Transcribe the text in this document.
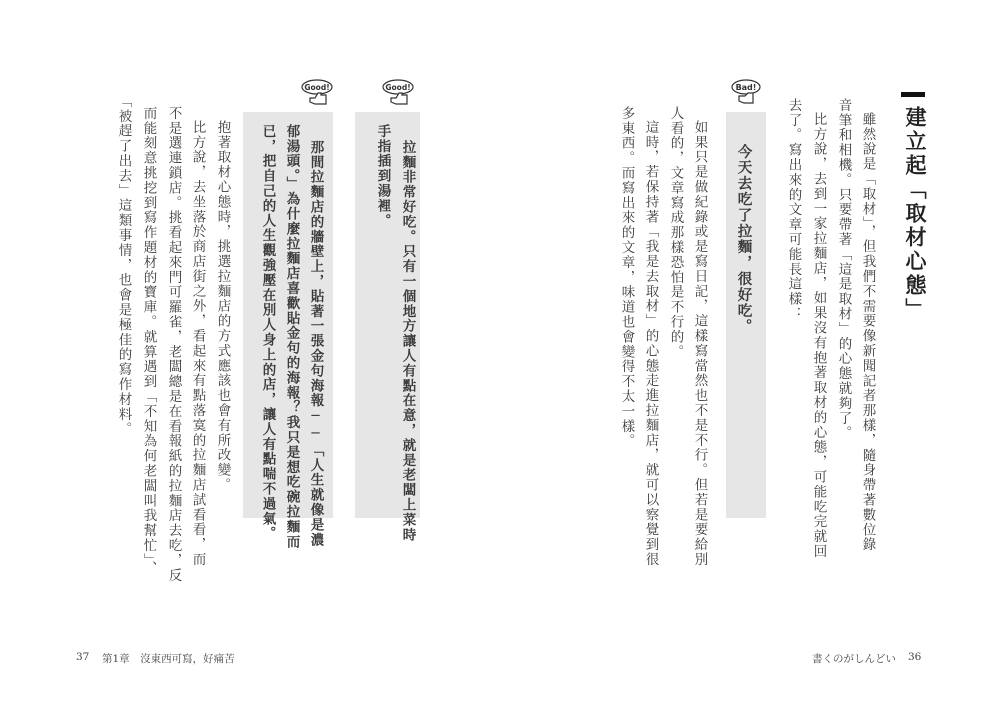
建立起「取材心態」

雖然說是「取材」，但我們不需要像新聞記者那樣，隨身帶著數位錄

音筆和相機。只要帶著「這是取材」的心態就夠了。

比方說，去到一家拉麵店，如果沒有抱著取材的心態，可能吃完就回

去了。寫出來的文章可能長這樣：

Bad!

今天去吃了拉麵，很好吃。

如果只是做紀錄或是寫日記，這樣寫當然也不是不行。但若是要給別

人看的，文章寫成那樣恐怕是不行的。

這時，若保持著「我是去取材」的心態走進拉麵店，就可以察覺到很

多東西。而寫出來的文章，味道也會變得不太一樣。

Good!

拉麵非常好吃。只有一個地方讓人有點在意，就是老闆上菜時

手指插到湯裡。

Good!

那間拉麵店的牆壁上，貼著一張金句海報──「人生就像是濃

郁湯頭。」為什麼拉麵店喜歡貼金句的海報？我只是想吃碗拉麵而

已，把自己的人生觀強壓在別人身上的店，讓人有點喘不過氣。

抱著取材心態時，挑選拉麵店的方式應該也會有所改變。

比方說，去坐落於商店街之外，看起來有點落寞的拉麵店試看看，而

不是選連鎖店。挑看起來門可羅雀，老闆總是在看報紙的拉麵店去吃，反

而能刻意挑挖到寫作題材的寶庫。就算遇到「不知為何老闆叫我幫忙」、

「被趕了出去」這類事情，也會是極佳的寫作材料。

37 第1章　沒東西可寫，好痛苦	書くのがしんどい 36
